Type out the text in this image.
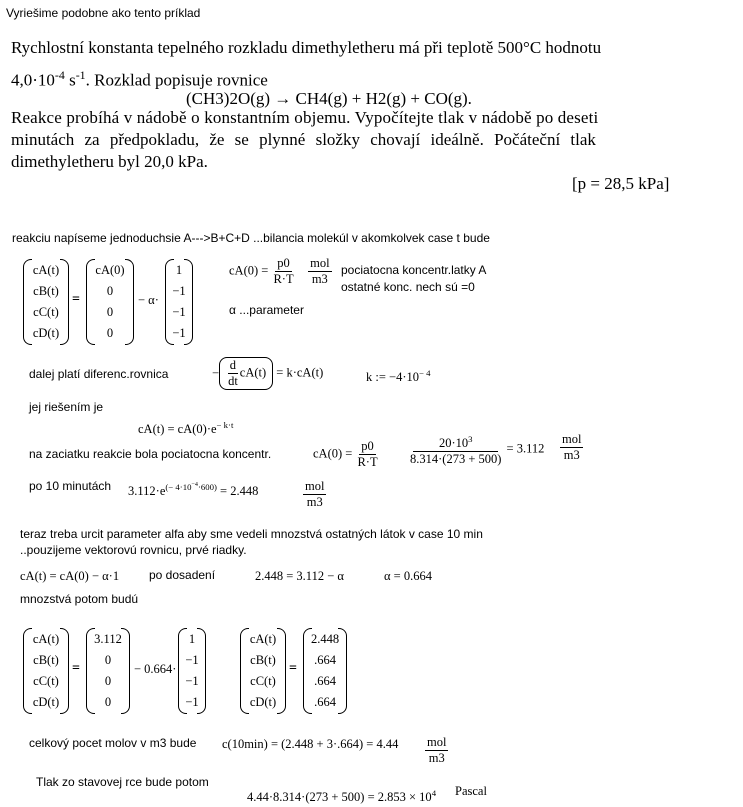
Vyriešime podobne ako tento príklad
Rychlostní konstanta tepelného rozkladu dimethyletheru má při teplotě 500°C hodnotu
$4,0\cdot 10^{-4}$ $s^{-1}$. Rozklad popisuje rovnice
(CH3)2O(g) → CH4(g) + H2(g) + CO(g).
Reakce probíhá v nádobě o konstantním objemu. Vypočítejte tlak v nádobě po deseti
minutách za předpokladu, že se plynné složky chovají ideálně. Počáteční tlak
dimethyletheru byl 20,0 kPa.
[p = 28,5 kPa]
reakciu napíseme jednoduchsie A--->B+C+D ...bilancia molekúl v akomkolvek case t bude
cA(t)
cB(t)
cC(t)
cD(t)
=
cA(0)
0
0
0
− α·
1
−1
−1
−1
$cA(0) = \frac{p0}{R\cdot T}$
$\frac{\text{mol}}{m3}$ pociatocna koncentr.latky A
ostatné konc. nech sú =0
α ...parameter
dalej platí diferenc.rovnica	− $\frac{d}{dt} cA(t) = k\cdot cA(t)$	k := $-4\cdot 10^{- 4}$
jej riešením je
$cA(t) = cA(0)\cdot e^{- k\cdot t}$
na zaciatku reakcie bola pociatocna koncentr.	$cA(0) = \frac{p0}{R\cdot T} \frac{20\cdot 10^3}{8.314\cdot(273 + 500)} = 3.112 \frac{\text{mol}}{m3}$
po 10 minutách $3.112\cdot e^{(- 4\cdot 10^{-4}\cdot 600)} = 2.448$	$\frac{\text{mol}}{m3}$
teraz treba urcit parameter alfa aby sme vedeli mnozstvá ostatných látok v case 10 min
..pouzijeme vektorovú rovnicu, prvé riadky.
cA(t) = cA(0) − α·1 po dosadení	2.448 = 3.112 − α	α = 0.664
mnozstvá potom budú
cA(t)
cB(t)
cC(t)
cD(t)
=
3.112
0
0
0
− 0.664·
1
−1
−1
−1
cA(t)
cB(t)
cC(t)
cD(t)
=
2.448
.664
.664
.664
celkový pocet molov v m3 bude $c(10\min) = (2.448 + 3\cdot.664) = 4.44 \frac{\text{mol}}{m3}$
Tlak zo stavovej rce bude potom
$4.44\cdot 8.314\cdot(273 + 500) = 2.853 \times 10^4$ Pascal
